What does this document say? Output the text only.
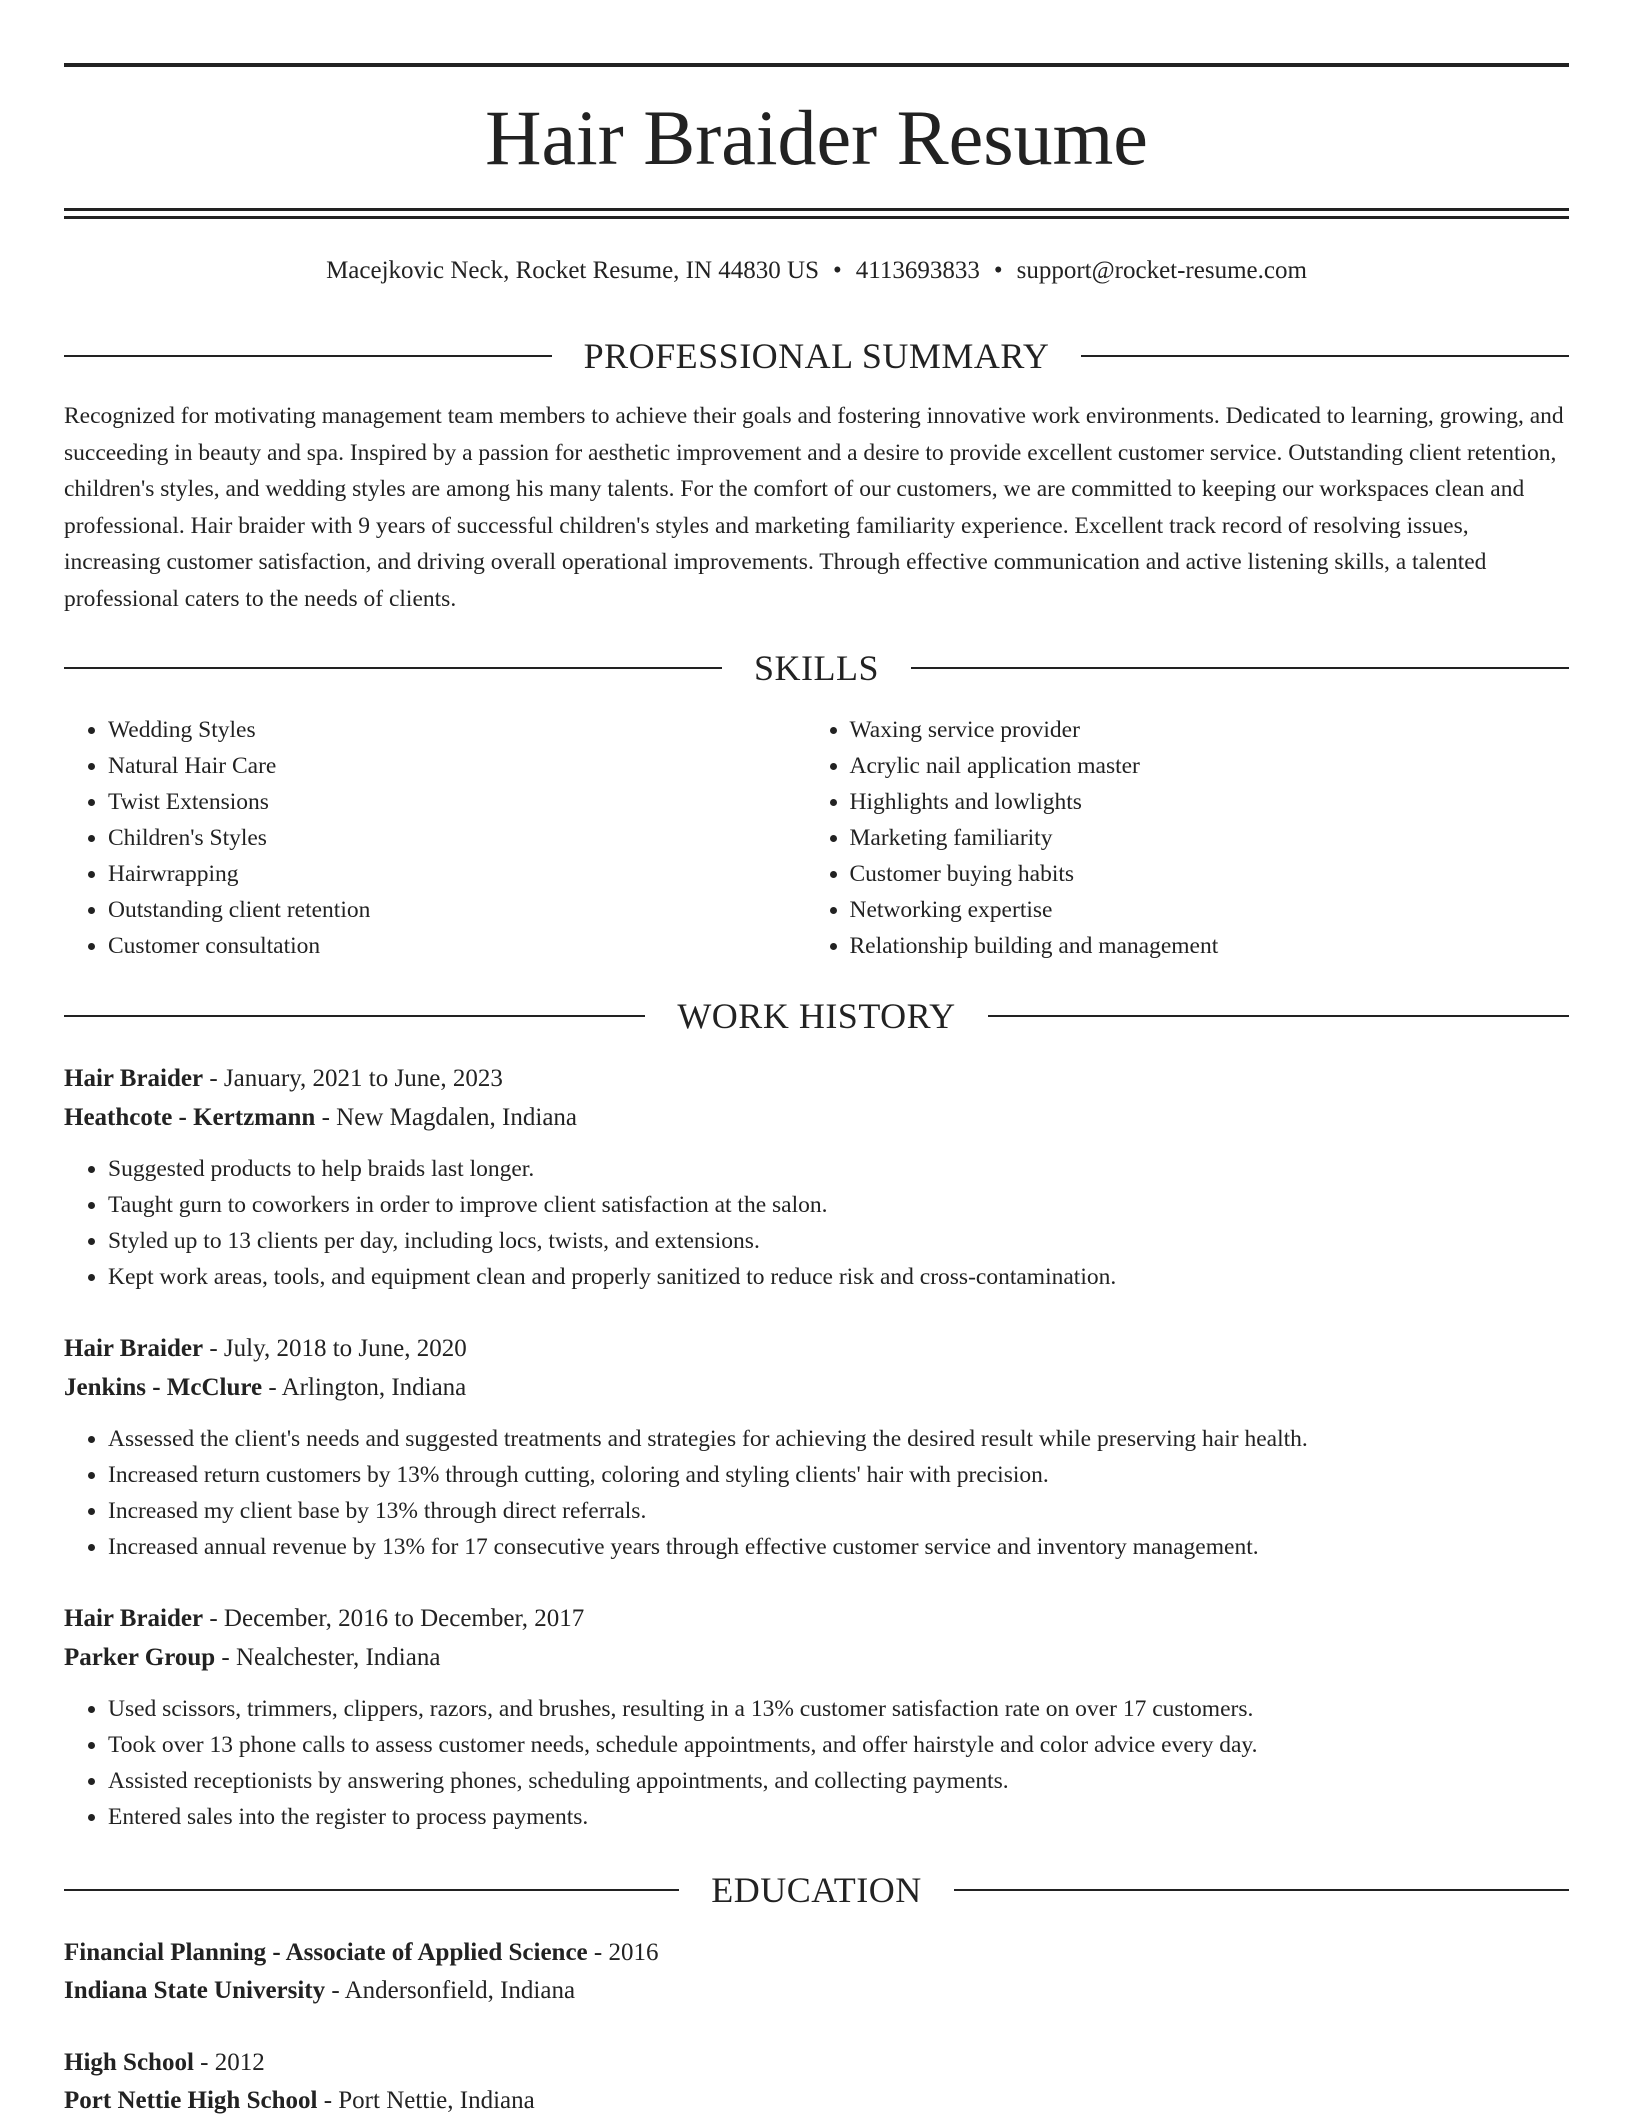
Hair Braider Resume
Macejkovic Neck, Rocket Resume, IN 44830 US • 4113693833 • support@rocket-resume.com
PROFESSIONAL SUMMARY
Recognized for motivating management team members to achieve their goals and fostering innovative work environments. Dedicated to learning, growing, and succeeding in beauty and spa. Inspired by a passion for aesthetic improvement and a desire to provide excellent customer service. Outstanding client retention, children's styles, and wedding styles are among his many talents. For the comfort of our customers, we are committed to keeping our workspaces clean and professional. Hair braider with 9 years of successful children's styles and marketing familiarity experience. Excellent track record of resolving issues, increasing customer satisfaction, and driving overall operational improvements. Through effective communication and active listening skills, a talented professional caters to the needs of clients.
SKILLS
• Wedding Styles
• Natural Hair Care
• Twist Extensions
• Children's Styles
• Hairwrapping
• Outstanding client retention
• Customer consultation
• Waxing service provider
• Acrylic nail application master
• Highlights and lowlights
• Marketing familiarity
• Customer buying habits
• Networking expertise
• Relationship building and management
WORK HISTORY
Hair Braider - January, 2021 to June, 2023
Heathcote - Kertzmann - New Magdalen, Indiana
• Suggested products to help braids last longer.
• Taught gurn to coworkers in order to improve client satisfaction at the salon.
• Styled up to 13 clients per day, including locs, twists, and extensions.
• Kept work areas, tools, and equipment clean and properly sanitized to reduce risk and cross-contamination.
Hair Braider - July, 2018 to June, 2020
Jenkins - McClure - Arlington, Indiana
• Assessed the client's needs and suggested treatments and strategies for achieving the desired result while preserving hair health.
• Increased return customers by 13% through cutting, coloring and styling clients' hair with precision.
• Increased my client base by 13% through direct referrals.
• Increased annual revenue by 13% for 17 consecutive years through effective customer service and inventory management.
Hair Braider - December, 2016 to December, 2017
Parker Group - Nealchester, Indiana
• Used scissors, trimmers, clippers, razors, and brushes, resulting in a 13% customer satisfaction rate on over 17 customers.
• Took over 13 phone calls to assess customer needs, schedule appointments, and offer hairstyle and color advice every day.
• Assisted receptionists by answering phones, scheduling appointments, and collecting payments.
• Entered sales into the register to process payments.
EDUCATION
Financial Planning - Associate of Applied Science - 2016
Indiana State University - Andersonfield, Indiana
High School - 2012
Port Nettie High School - Port Nettie, Indiana
